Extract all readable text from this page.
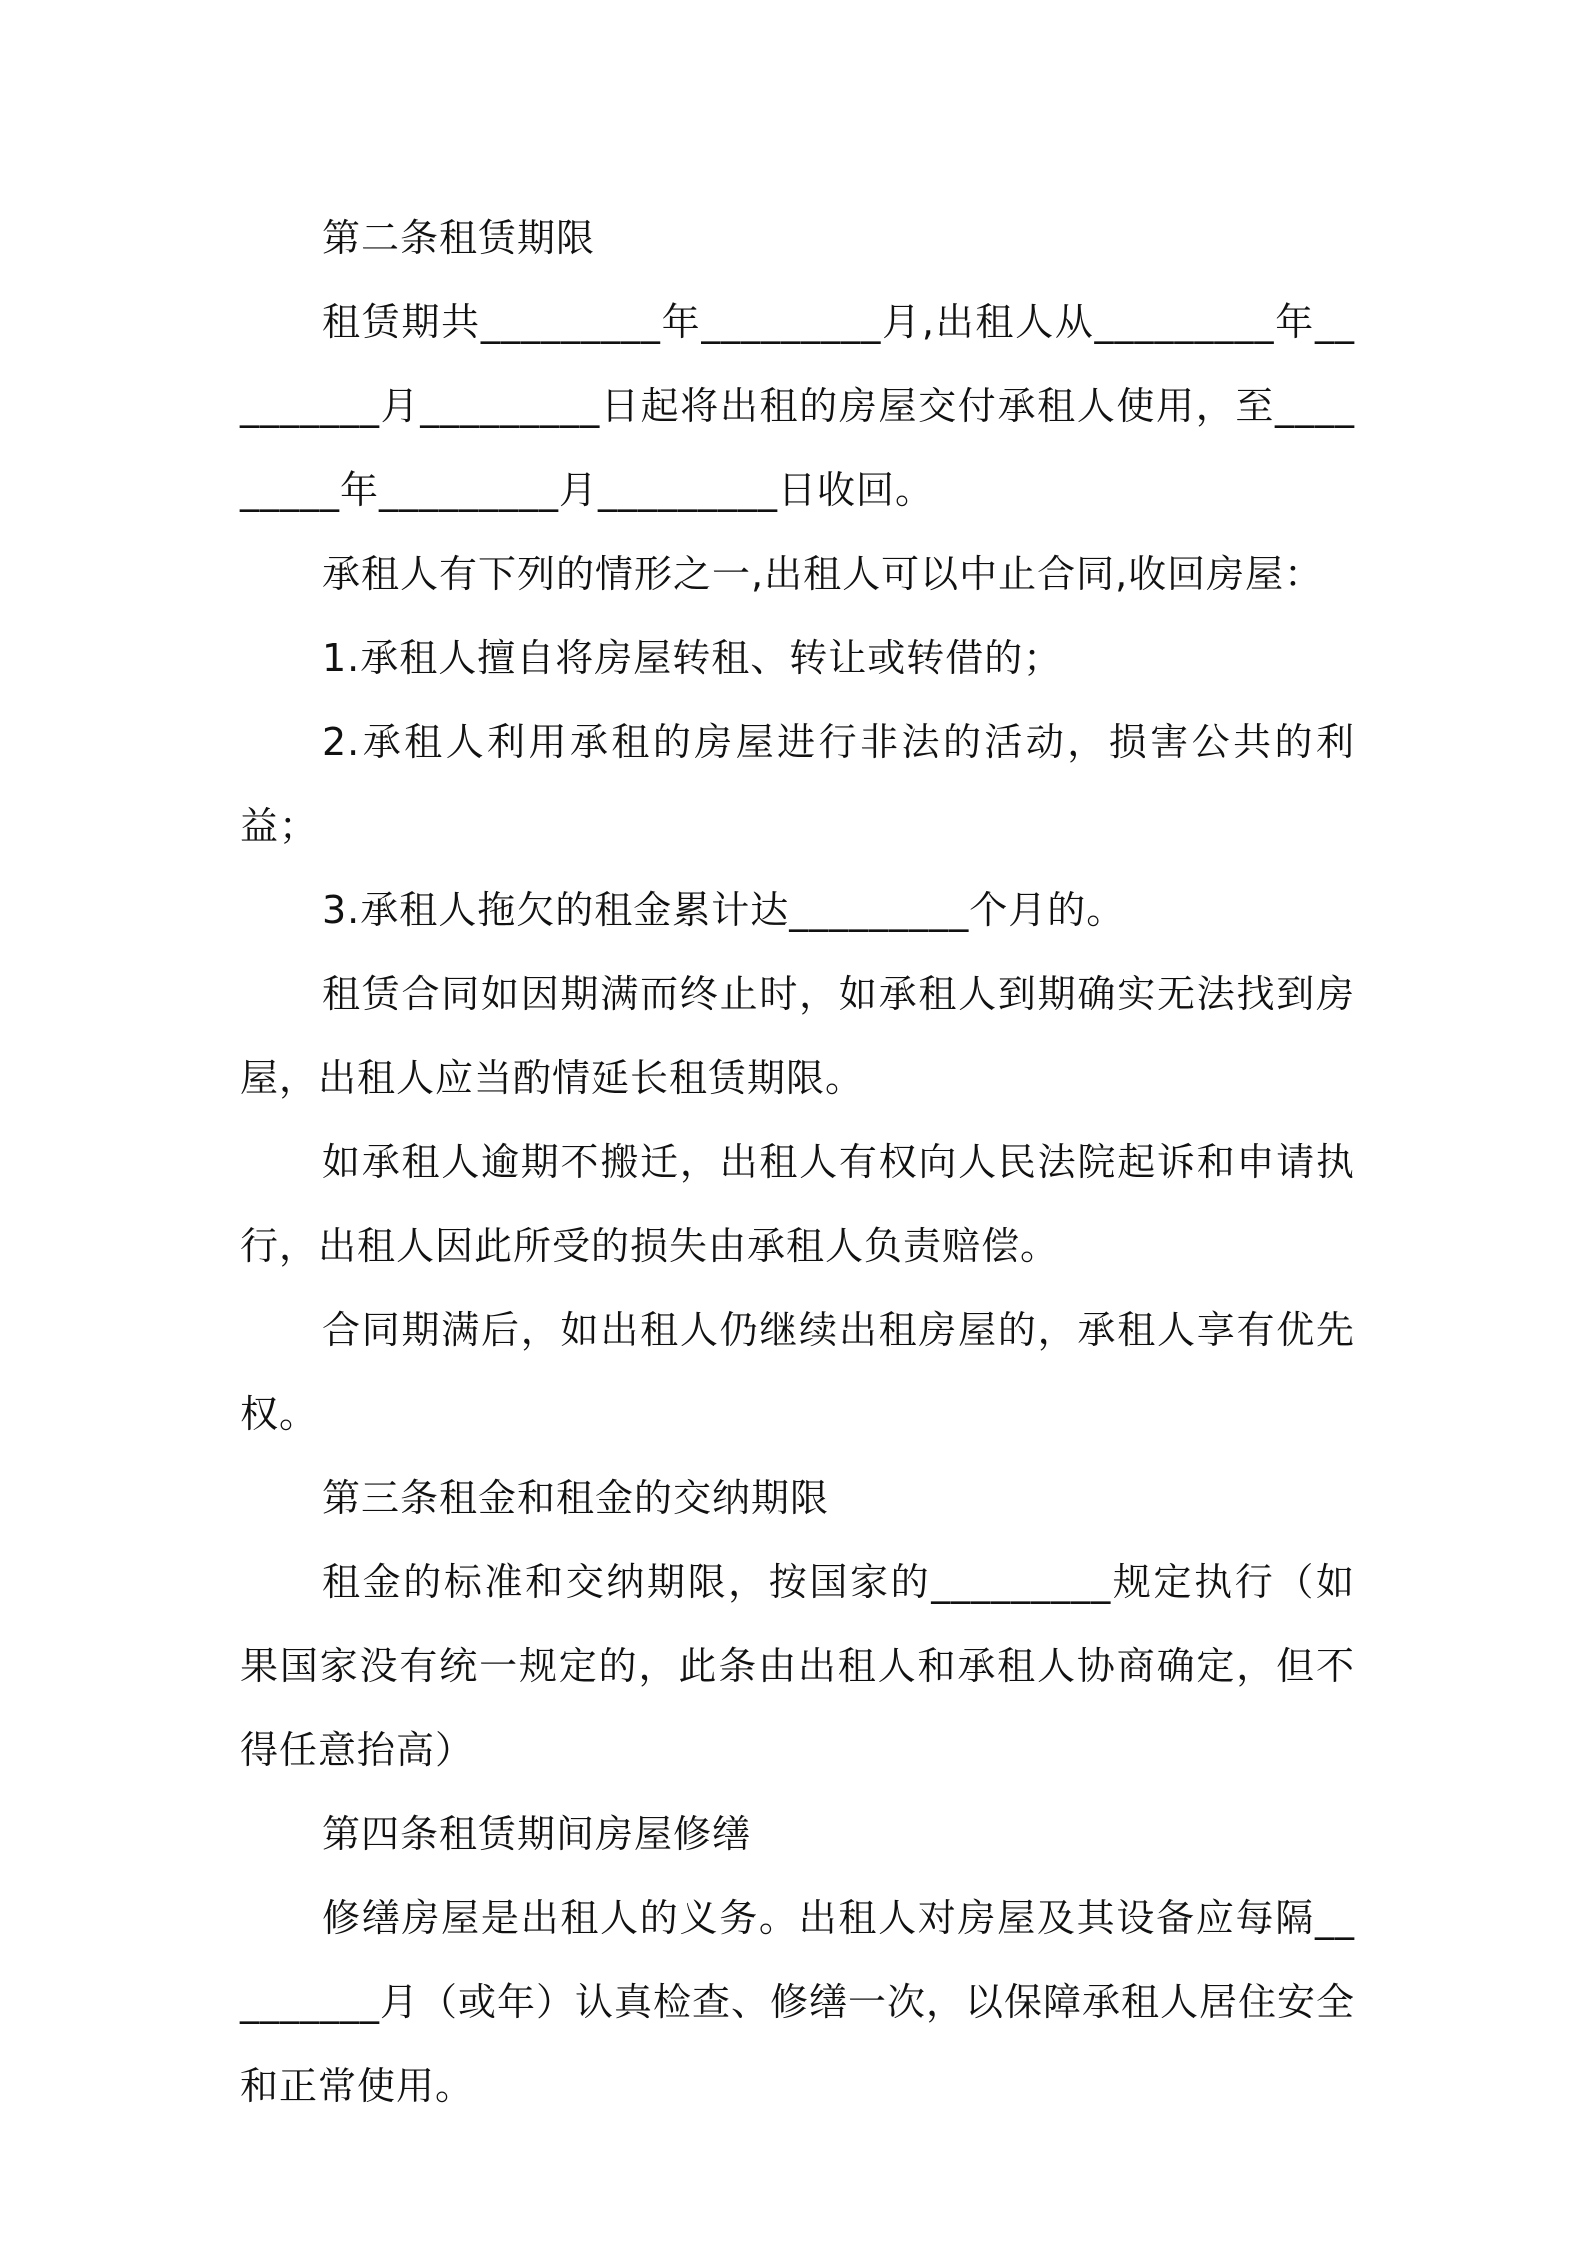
第二条租赁期限

租赁期共_________年_________月,出租人从_________年_________月_________日起将出租的房屋交付承租人使用，至_________年_________月_________日收回。

承租人有下列的情形之一,出租人可以中止合同,收回房屋：

1.承租人擅自将房屋转租、转让或转借的；

2.承租人利用承租的房屋进行非法的活动，损害公共的利益；

3.承租人拖欠的租金累计达_________个月的。

租赁合同如因期满而终止时，如承租人到期确实无法找到房屋，出租人应当酌情延长租赁期限。

如承租人逾期不搬迁，出租人有权向人民法院起诉和申请执行，出租人因此所受的损失由承租人负责赔偿。

合同期满后，如出租人仍继续出租房屋的，承租人享有优先权。

第三条租金和租金的交纳期限

租金的标准和交纳期限，按国家的_________规定执行（如果国家没有统一规定的，此条由出租人和承租人协商确定，但不得任意抬高）

第四条租赁期间房屋修缮

修缮房屋是出租人的义务。出租人对房屋及其设备应每隔_________月（或年）认真检查、修缮一次，以保障承租人居住安全和正常使用。
